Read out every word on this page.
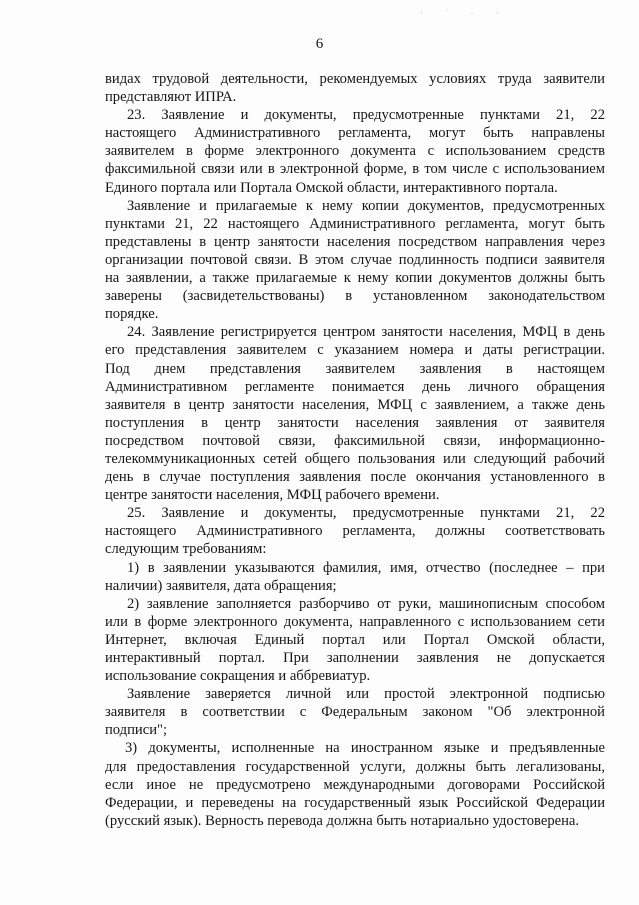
· ˙ · ·
6
видах трудовой деятельности, рекомендуемых условиях труда заявители
представляют ИПРА.
23. Заявление и документы, предусмотренные пунктами 21, 22
настоящего Административного регламента, могут быть направлены
заявителем в форме электронного документа с использованием средств
факсимильной связи или в электронной форме, в том числе с использованием
Единого портала или Портала Омской области, интерактивного портала.
Заявление и прилагаемые к нему копии документов, предусмотренных
пунктами 21, 22 настоящего Административного регламента, могут быть
представлены в центр занятости населения посредством направления через
организации почтовой связи. В этом случае подлинность подписи заявителя
на заявлении, а также прилагаемые к нему копии документов должны быть
заверены (засвидетельствованы) в установленном законодательством
порядке.
24. Заявление регистрируется центром занятости населения, МФЦ в день
его представления заявителем с указанием номера и даты регистрации.
Под днем представления заявителем заявления в настоящем
Административном регламенте понимается день личного обращения
заявителя в центр занятости населения, МФЦ с заявлением, а также день
поступления в центр занятости населения заявления от заявителя
посредством почтовой связи, факсимильной связи, информационно-
телекоммуникационных сетей общего пользования или следующий рабочий
день в случае поступления заявления после окончания установленного в
центре занятости населения, МФЦ рабочего времени.
25. Заявление и документы, предусмотренные пунктами 21, 22
настоящего Административного регламента, должны соответствовать
следующим требованиям:
1) в заявлении указываются фамилия, имя, отчество (последнее – при
наличии) заявителя, дата обращения;
2) заявление заполняется разборчиво от руки, машинописным способом
или в форме электронного документа, направленного с использованием сети
Интернет, включая Единый портал или Портал Омской области,
интерактивный портал. При заполнении заявления не допускается
использование сокращения и аббревиатур.
Заявление заверяется личной или простой электронной подписью
заявителя в соответствии с Федеральным законом "Об электронной
подписи";
3) документы, исполненные на иностранном языке и предъявленные
для предоставления государственной услуги, должны быть легализованы,
если иное не предусмотрено международными договорами Российской
Федерации, и переведены на государственный язык Российской Федерации
(русский язык). Верность перевода должна быть нотариально удостоверена.
